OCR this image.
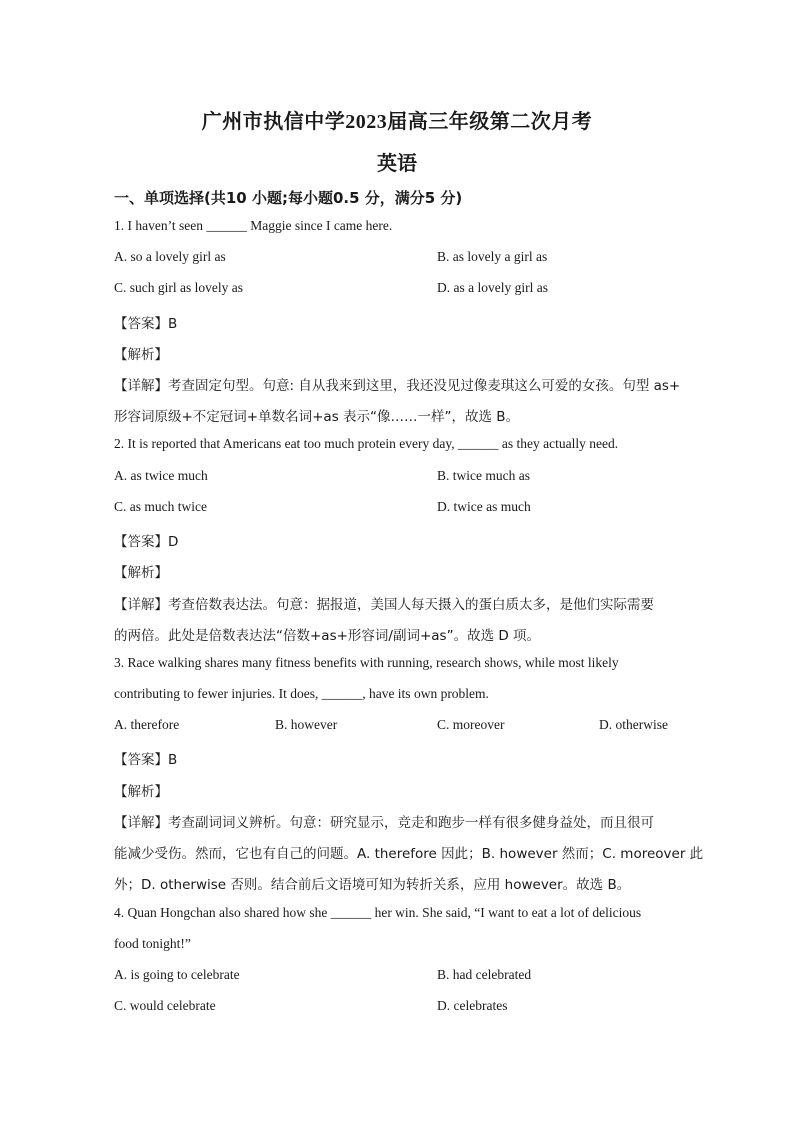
广州市执信中学2023届高三年级第二次月考
英语
一、单项选择(共10 小题;每小题0.5 分，满分5 分)
1. I haven’t seen ______ Maggie since I came here.
A. so a lovely girl as	B. as lovely a girl as
C. such girl as lovely as	D. as a lovely girl as
【答案】B
【解析】
【详解】考查固定句型。句意: 自从我来到这里，我还没见过像麦琪这么可爱的女孩。句型 as+
形容词原级+不定冠词+单数名词+as 表示“像……一样”，故选 B。
2. It is reported that Americans eat too much protein every day, ______ as they actually need.
A. as twice much	B. twice much as
C. as much twice	D. twice as much
【答案】D
【解析】
【详解】考查倍数表达法。句意：据报道，美国人每天摄入的蛋白质太多，是他们实际需要
的两倍。此处是倍数表达法“倍数+as+形容词/副词+as”。故选 D 项。
3. Race walking shares many fitness benefits with running, research shows, while most likely
contributing to fewer injuries. It does, ______, have its own problem.
A. therefore	B. however	C. moreover	D. otherwise
【答案】B
【解析】
【详解】考查副词词义辨析。句意：研究显示，竞走和跑步一样有很多健身益处，而且很可
能减少受伤。然而，它也有自己的问题。A. therefore 因此；B. however 然而；C. moreover 此
外；D. otherwise 否则。结合前后文语境可知为转折关系，应用 however。故选 B。
4. Quan Hongchan also shared how she ______ her win. She said, “I want to eat a lot of delicious
food tonight!”
A. is going to celebrate	B. had celebrated
C. would celebrate	D. celebrates
